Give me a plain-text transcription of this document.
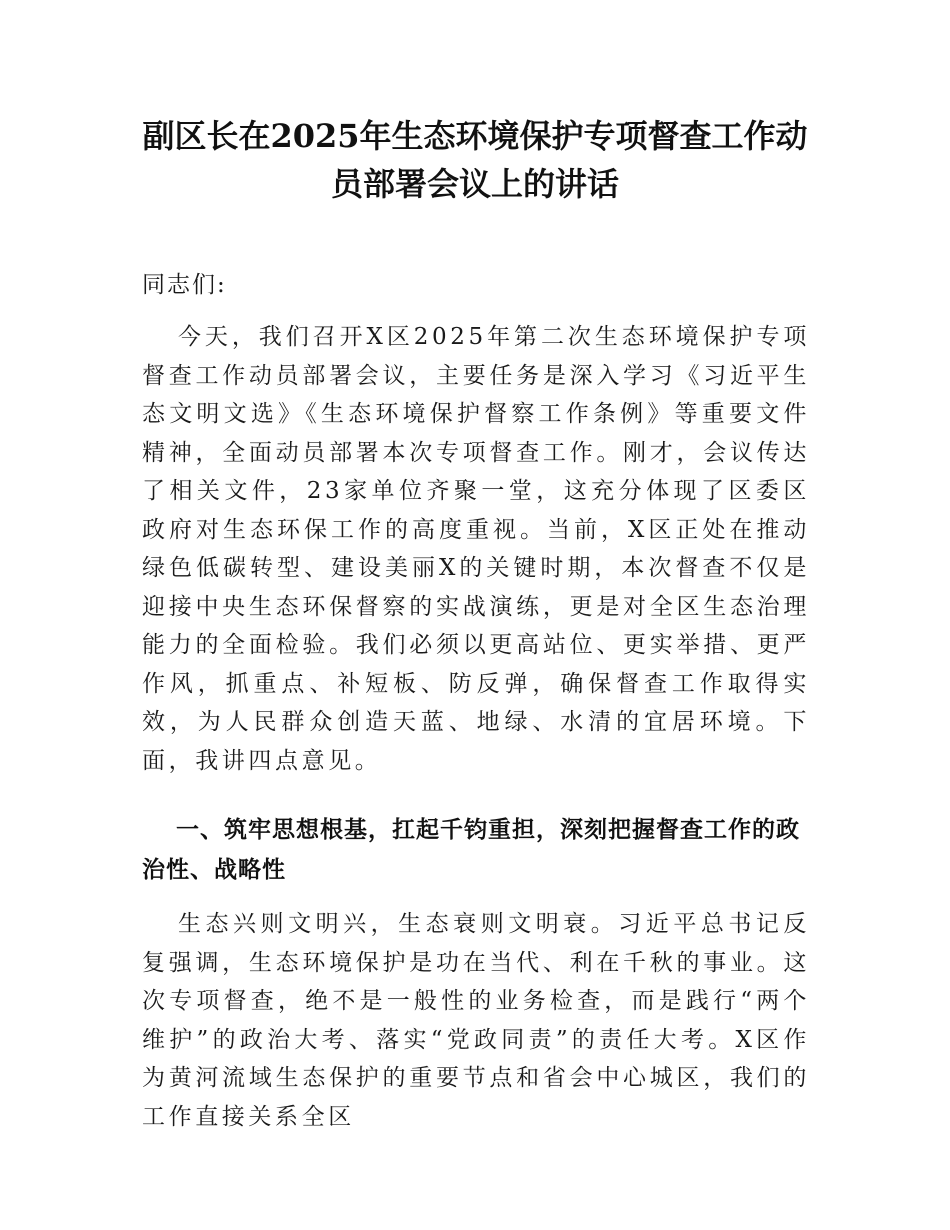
副区长在2025年生态环境保护专项督查工作动
员部署会议上的讲话

同志们:

今天，我们召开X区2025年第二次生态环境保护专项督查工作动员部署会议，主要任务是深入学习《习近平生态文明文选》《生态环境保护督察工作条例》等重要文件精神，全面动员部署本次专项督查工作。刚才，会议传达了相关文件，23家单位齐聚一堂，这充分体现了区委区政府对生态环保工作的高度重视。当前，X区正处在推动绿色低碳转型、建设美丽X的关键时期，本次督查不仅是迎接中央生态环保督察的实战演练，更是对全区生态治理能力的全面检验。我们必须以更高站位、更实举措、更严作风，抓重点、补短板、防反弹，确保督查工作取得实效，为人民群众创造天蓝、地绿、水清的宜居环境。下面，我讲四点意见。

一、筑牢思想根基，扛起千钧重担，深刻把握督查工作的政治性、战略性

生态兴则文明兴，生态衰则文明衰。习近平总书记反复强调，生态环境保护是功在当代、利在千秋的事业。这次专项督查，绝不是一般性的业务检查，而是践行“两个维护”的政治大考、落实“党政同责”的责任大考。X区作为黄河流域生态保护的重要节点和省会中心城区，我们的工作直接关系全区
